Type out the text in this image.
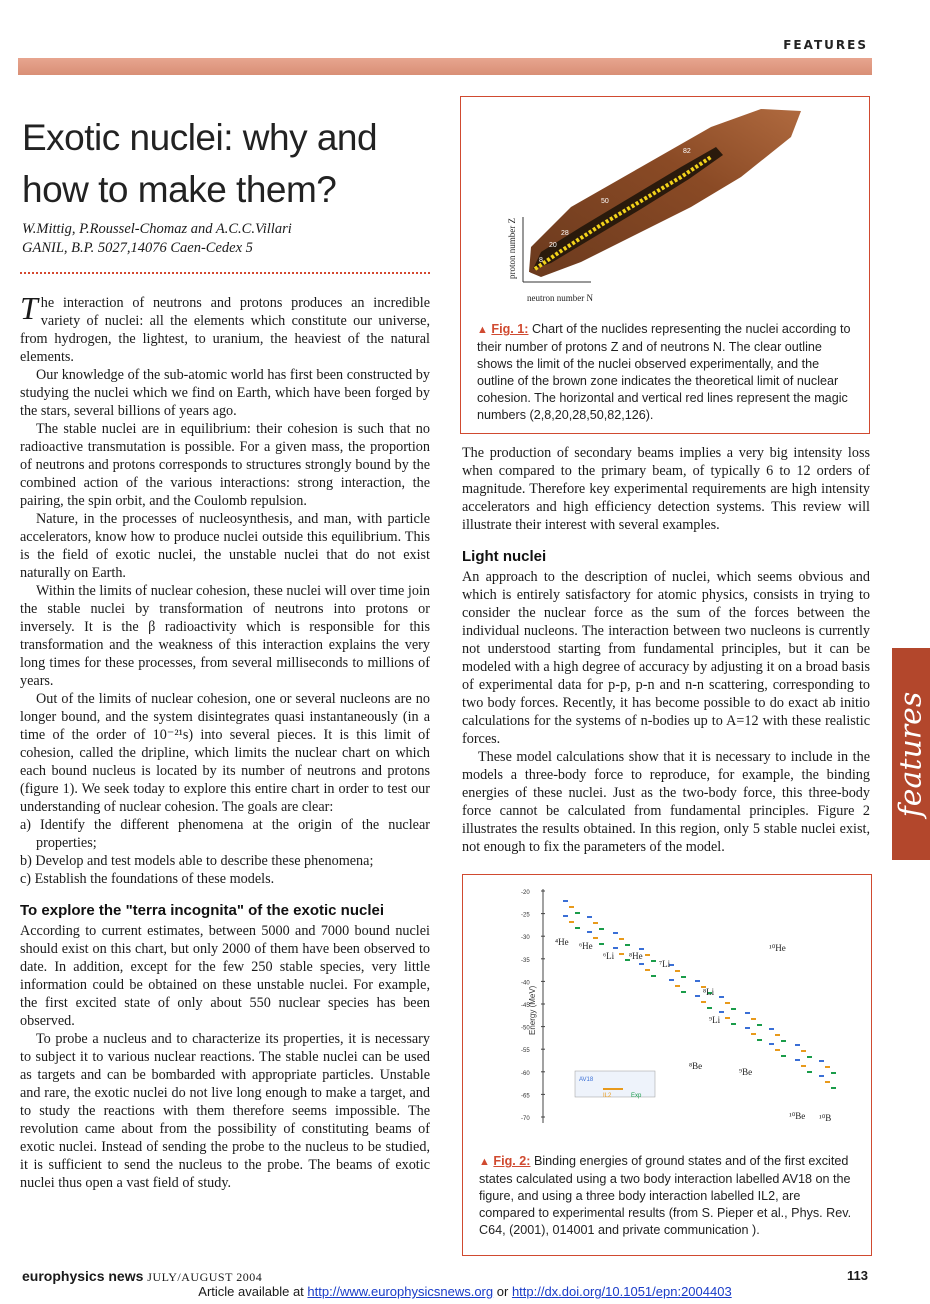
FEATURES
Exotic nuclei: why and how to make them?
W.Mittig, P.Roussel-Chomaz and A.C.C.Villari
GANIL, B.P. 5027,14076 Caen-Cedex 5

The interaction of neutrons and protons produces an incredible variety of nuclei: all the elements which constitute our universe, from hydrogen, the lightest, to uranium, the heaviest of the natural elements.

Our knowledge of the sub-atomic world has first been constructed by studying the nuclei which we find on Earth, which have been forged by the stars, several billions of years ago.

The stable nuclei are in equilibrium: their cohesion is such that no radioactive transmutation is possible. For a given mass, the proportion of neutrons and protons corresponds to structures strongly bound by the combined action of the various interactions: strong interaction, the pairing, the spin orbit, and the Coulomb repulsion.

Nature, in the processes of nucleosynthesis, and man, with particle accelerators, know how to produce nuclei outside this equilibrium. This is the field of exotic nuclei, the unstable nuclei that do not exist naturally on Earth.

Within the limits of nuclear cohesion, these nuclei will over time join the stable nuclei by transformation of neutrons into protons or inversely. It is the β radioactivity which is responsible for this transformation and the weakness of this interaction explains the very long times for these processes, from several milliseconds to millions of years.

Out of the limits of nuclear cohesion, one or several nucleons are no longer bound, and the system disintegrates quasi instantaneously (in a time of the order of 10⁻²¹s) into several pieces. It is this limit of cohesion, called the dripline, which limits the nuclear chart on which each bound nucleus is located by its number of neutrons and protons (figure 1). We seek today to explore this entire chart in order to test our understanding of nuclear cohesion. The goals are clear:

a) Identify the different phenomena at the origin of the nuclear properties;
b) Develop and test models able to describe these phenomena;
c) Establish the foundations of these models.
To explore the "terra incognita" of the exotic nuclei

According to current estimates, between 5000 and 7000 bound nuclei should exist on this chart, but only 2000 of them have been observed to date. In addition, except for the few 250 stable species, very little information could be obtained on these unstable nuclei. For example, the first excited state of only about 550 nuclear species has been observed.

To probe a nucleus and to characterize its properties, it is necessary to subject it to various nuclear reactions. The stable nuclei can be used as targets and can be bombarded with appropriate particles. Unstable and rare, the exotic nuclei do not live long enough to make a target, and to study the reactions with them therefore seems impossible. The revolution came about from the possibility of constituting beams of exotic nuclei. Instead of sending the probe to the nucleus to be studied, it is sufficient to send the nucleus to the probe. The beams of exotic nuclei thus open a vast field of study.

126
82
50
28
20
8
2
proton number Z
neutron number N
▲ Fig. 1: Chart of the nuclides representing the nuclei according to their number of protons Z and of neutrons N. The clear outline shows the limit of the nuclei observed experimentally, and the outline of the brown zone indicates the theoretical limit of nuclear cohesion. The horizontal and vertical red lines represent the magic numbers (2,8,20,28,50,82,126).

The production of secondary beams implies a very big intensity loss when compared to the primary beam, of typically 6 to 12 orders of magnitude. Therefore key experimental requirements are high intensity accelerators and high efficiency detection systems. This review will illustrate their interest with several examples.

Light nuclei

An approach to the description of nuclei, which seems obvious and which is entirely satisfactory for atomic physics, consists in trying to consider the nuclear force as the sum of the forces between the individual nucleons. The interaction between two nucleons is currently not understood starting from fundamental principles, but it can be modeled with a high degree of accuracy by adjusting it on a broad basis of experimental data for p-p, p-n and n-n scattering, corresponding to two body forces. Recently, it has become possible to do exact ab initio calculations for the systems of n-bodies up to A=12 with these realistic forces.

These model calculations show that it is necessary to include in the models a three-body force to reproduce, for example, the binding energies of these nuclei. Just as the two-body force, this three-body force cannot be calculated from fundamental principles. Figure 2 illustrates the results obtained. In this region, only 5 stable nuclei exist, not enough to fix the parameters of the model.

Energy (MeV)
-20
-25
-30
-35
-40
-45
-50
-55
-60
-65
-70
⁴He ⁶He
⁶Li ⁸He
⁷Li
⁸Li
⁹Li
⁸Be
⁹Be
¹⁰He
¹⁰Be ¹⁰B
AV18
IL2	Exp
▲ Fig. 2: Binding energies of ground states and of the first excited states calculated using a two body interaction labelled AV18 on the figure, and using a three body interaction labelled IL2, are compared to experimental results (from S. Pieper et al., Phys. Rev. C64, (2001), 014001 and private communication ).
features
europhysics news JULY/AUGUST 2004	113
Article available at http://www.europhysicsnews.org or http://dx.doi.org/10.1051/epn:2004403
